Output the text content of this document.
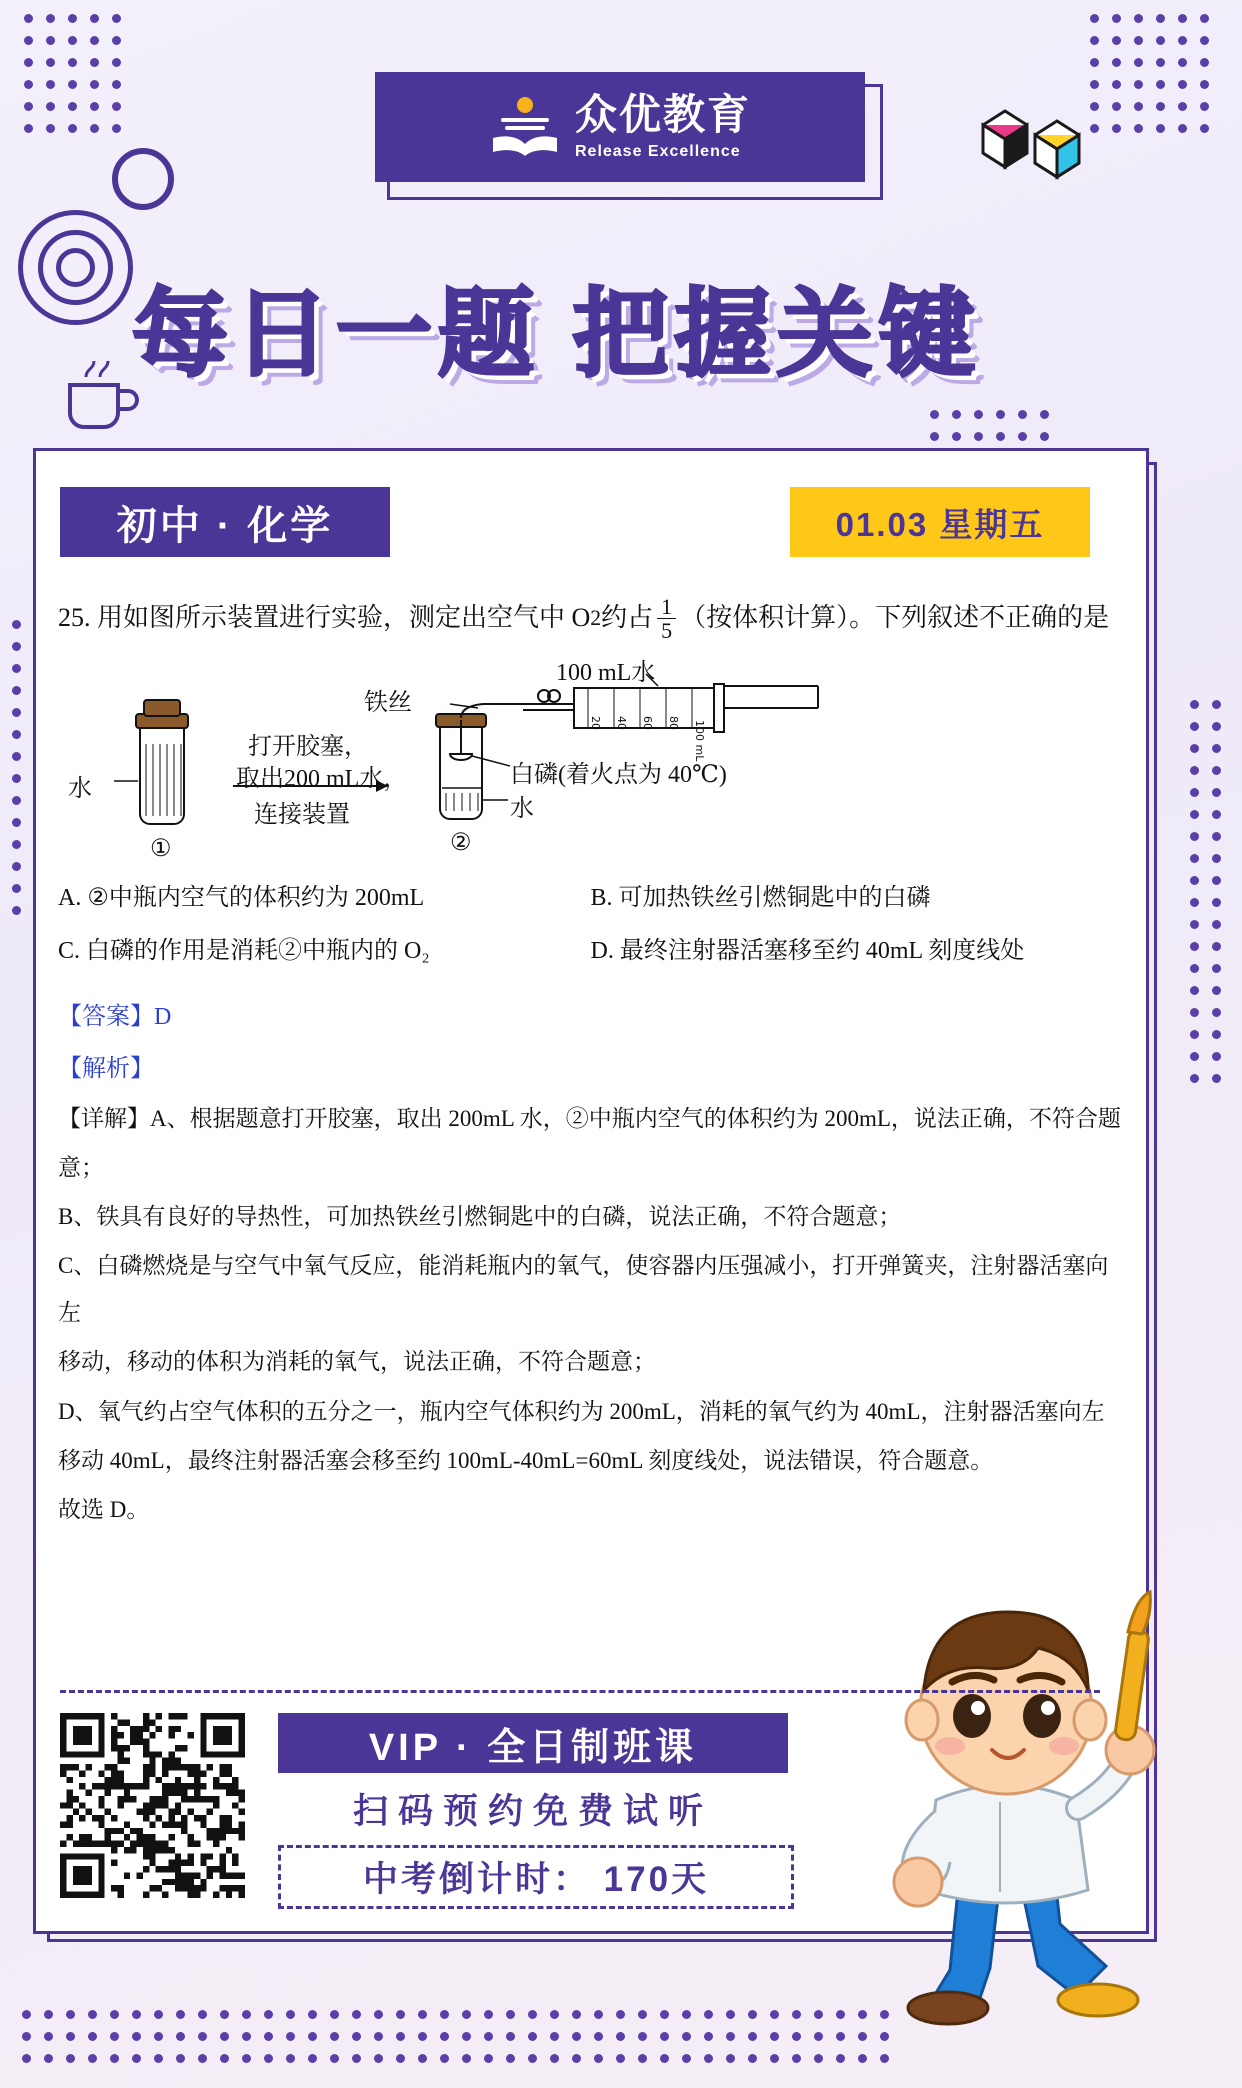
众优教育
Release Excellence
每日一题 把握关键
初中 · 化学	01.03 星期五
25.
用如图所示装置进行实验，测定出空气中 O 2 约占 $\frac{1}{5}$ （按体积计算）。下列叙述不正确的是
20 40 60 80 100 mL
水
①	②
打开胶塞，
取出200 mL水，
连接装置
铁丝
100 mL水
白磷(着火点为 40℃)
水
A. ②中瓶内空气的体积约为 200mL	B. 可加热铁丝引燃铜匙中的白磷
C. 白磷的作用是消耗②中瓶内的 O₂	D. 最终注射器活塞移至约 40mL 刻度线处
【答案】D
【解析】

【详解】A、根据题意打开胶塞，取出 200mL 水，②中瓶内空气的体积约为 200mL，说法正确，不符合题

意；

B、铁具有良好的导热性，可加热铁丝引燃铜匙中的白磷，说法正确，不符合题意；

C、白磷燃烧是与空气中氧气反应，能消耗瓶内的氧气，使容器内压强减小，打开弹簧夹，注射器活塞向左

移动，移动的体积为消耗的氧气，说法正确，不符合题意；

D、氧气约占空气体积的五分之一，瓶内空气体积约为 200mL，消耗的氧气约为 40mL，注射器活塞向左

移动 40mL，最终注射器活塞会移至约 100mL-40mL=60mL 刻度线处，说法错误，符合题意。

故选 D。

VIP · 全日制班课
扫码预约免费试听
中考倒计时： 170天
